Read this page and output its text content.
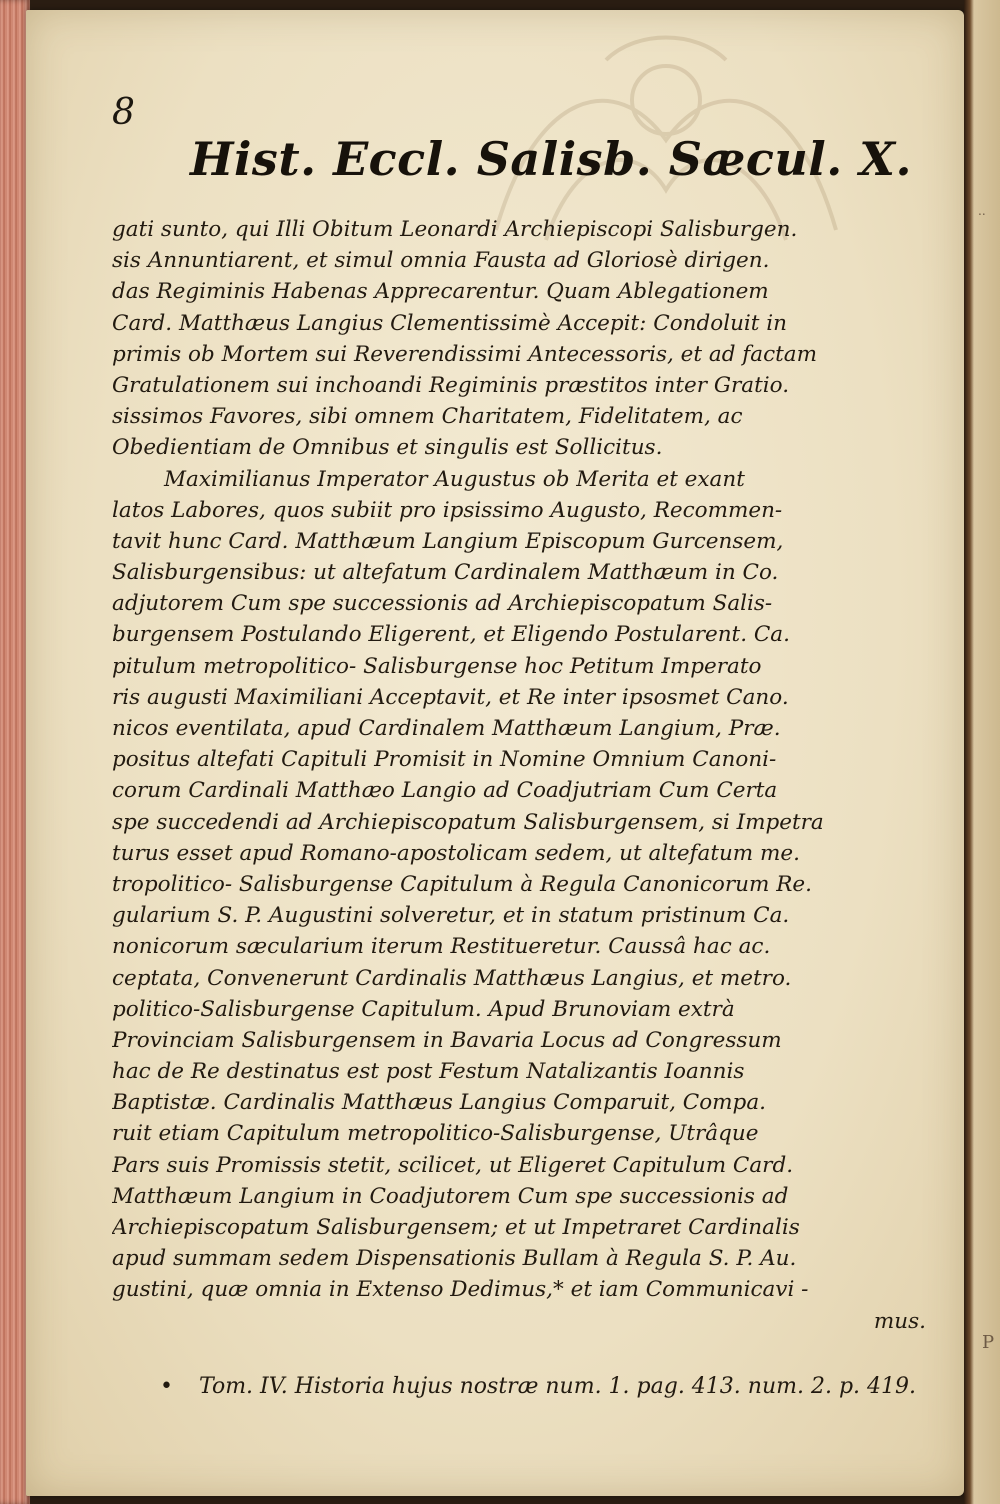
..
P
8
Hist. Eccl. Salisb. Sæcul. X.
gati sunto, qui Illi Obitum Leonardi Archiepiscopi Salisburgen.
sis Annuntiarent, et simul omnia Fausta ad Gloriosè dirigen.
das Regiminis Habenas Apprecarentur. Quam Ablegationem
Card. Matthæus Langius Clementissimè Accepit: Condoluit in
primis ob Mortem sui Reverendissimi Antecessoris, et ad factam
Gratulationem sui inchoandi Regiminis præstitos inter Gratio.
sissimos Favores, sibi omnem Charitatem, Fidelitatem, ac
Obedientiam de Omnibus et singulis est Sollicitus.
Maximilianus Imperator Augustus ob Merita et exant
latos Labores, quos subiit pro ipsissimo Augusto, Recommen-
tavit hunc Card. Matthæum Langium Episcopum Gurcensem,
Salisburgensibus: ut altefatum Cardinalem Matthæum in Co.
adjutorem Cum spe successionis ad Archiepiscopatum Salis-
burgensem Postulando Eligerent, et Eligendo Postularent. Ca.
pitulum metropolitico- Salisburgense hoc Petitum Imperato
ris augusti Maximiliani Acceptavit, et Re inter ipsosmet Cano.
nicos eventilata, apud Cardinalem Matthæum Langium, Præ.
positus altefati Capituli Promisit in Nomine Omnium Canoni-
corum Cardinali Matthæo Langio ad Coadjutriam Cum Certa
spe succedendi ad Archiepiscopatum Salisburgensem, si Impetra
turus esset apud Romano-apostolicam sedem, ut altefatum me.
tropolitico- Salisburgense Capitulum à Regula Canonicorum Re.
gularium S. P. Augustini solveretur, et in statum pristinum Ca.
nonicorum sæcularium iterum Restitueretur. Caussâ hac ac.
ceptata, Convenerunt Cardinalis Matthæus Langius, et metro.
politico-Salisburgense Capitulum. Apud Brunoviam extrà
Provinciam Salisburgensem in Bavaria Locus ad Congressum
hac de Re destinatus est post Festum Natalizantis Ioannis
Baptistæ. Cardinalis Matthæus Langius Comparuit, Compa.
ruit etiam Capitulum metropolitico-Salisburgense, Utrâque
Pars suis Promissis stetit, scilicet, ut Eligeret Capitulum Card.
Matthæum Langium in Coadjutorem Cum spe successionis ad
Archiepiscopatum Salisburgensem; et ut Impetraret Cardinalis
apud summam sedem Dispensationis Bullam à Regula S. P. Au.
gustini, quæ omnia in Extenso Dedimus,* et iam Communicavi -
mus.
• Tom. IV. Historia hujus nostræ num. 1. pag. 413. num. 2. p. 419.
